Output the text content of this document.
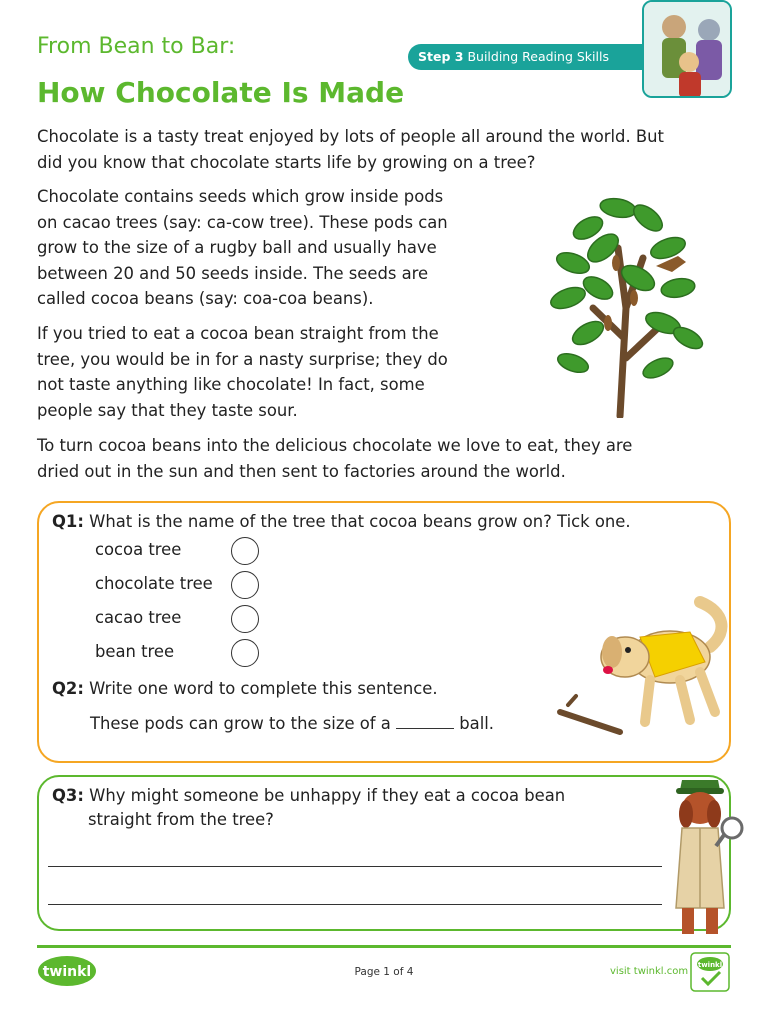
From Bean to Bar:
How Chocolate Is Made
Step 3 Building Reading Skills

Chocolate is a tasty treat enjoyed by lots of people all around the world. But
did you know that chocolate starts life by growing on a tree?

Chocolate contains seeds which grow inside pods
on cacao trees (say: ca-cow tree). These pods can
grow to the size of a rugby ball and usually have
between 20 and 50 seeds inside. The seeds are
called cocoa beans (say: coa-coa beans).

If you tried to eat a cocoa bean straight from the
tree, you would be in for a nasty surprise; they do
not taste anything like chocolate! In fact, some
people say that they taste sour.

To turn cocoa beans into the delicious chocolate we love to eat, they are
dried out in the sun and then sent to factories around the world.

Q1: What is the name of the tree that cocoa beans grow on? Tick one.
cocoa tree
chocolate tree
cacao tree
bean tree
Q2: Write one word to complete this sentence.
These pods can grow to the size of a	ball.
Q3: Why might someone be unhappy if they eat a cocoa bean
straight from the tree?
twinkl	Page 1 of 4	visit twinkl.com
twinkl
